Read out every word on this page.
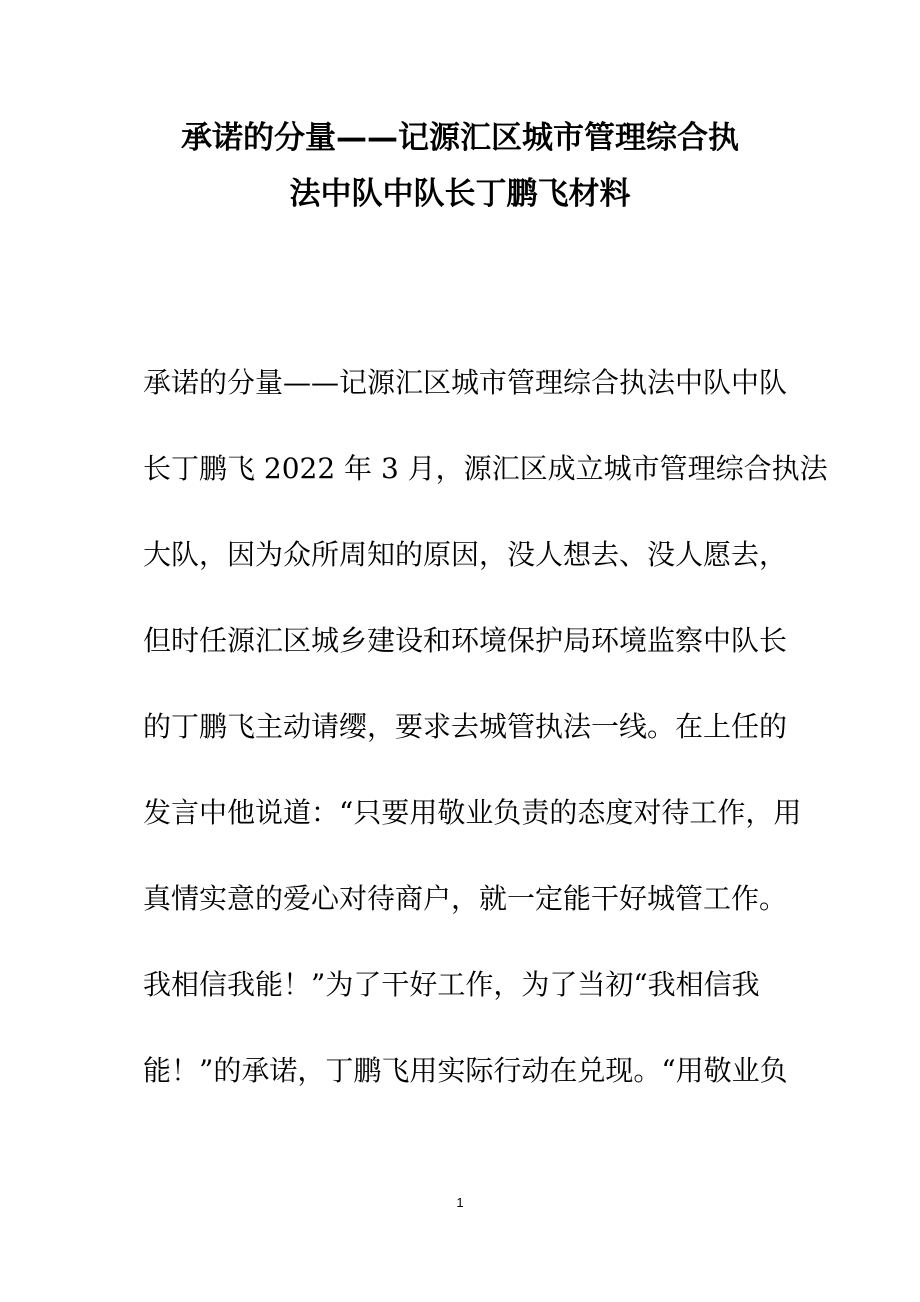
承诺的分量——记源汇区城市管理综合执
法中队中队长丁鹏飞材料
承诺的分量——记源汇区城市管理综合执法中队中队
长丁鹏飞 2022 年 3 月，源汇区成立城市管理综合执法
大队，因为众所周知的原因，没人想去、没人愿去，
但时任源汇区城乡建设和环境保护局环境监察中队长
的丁鹏飞主动请缨，要求去城管执法一线。在上任的
发言中他说道：“只要用敬业负责的态度对待工作，用
真情实意的爱心对待商户，就一定能干好城管工作。
我相信我能！”为了干好工作，为了当初“我相信我
能！”的承诺，丁鹏飞用实际行动在兑现。“用敬业负
1
